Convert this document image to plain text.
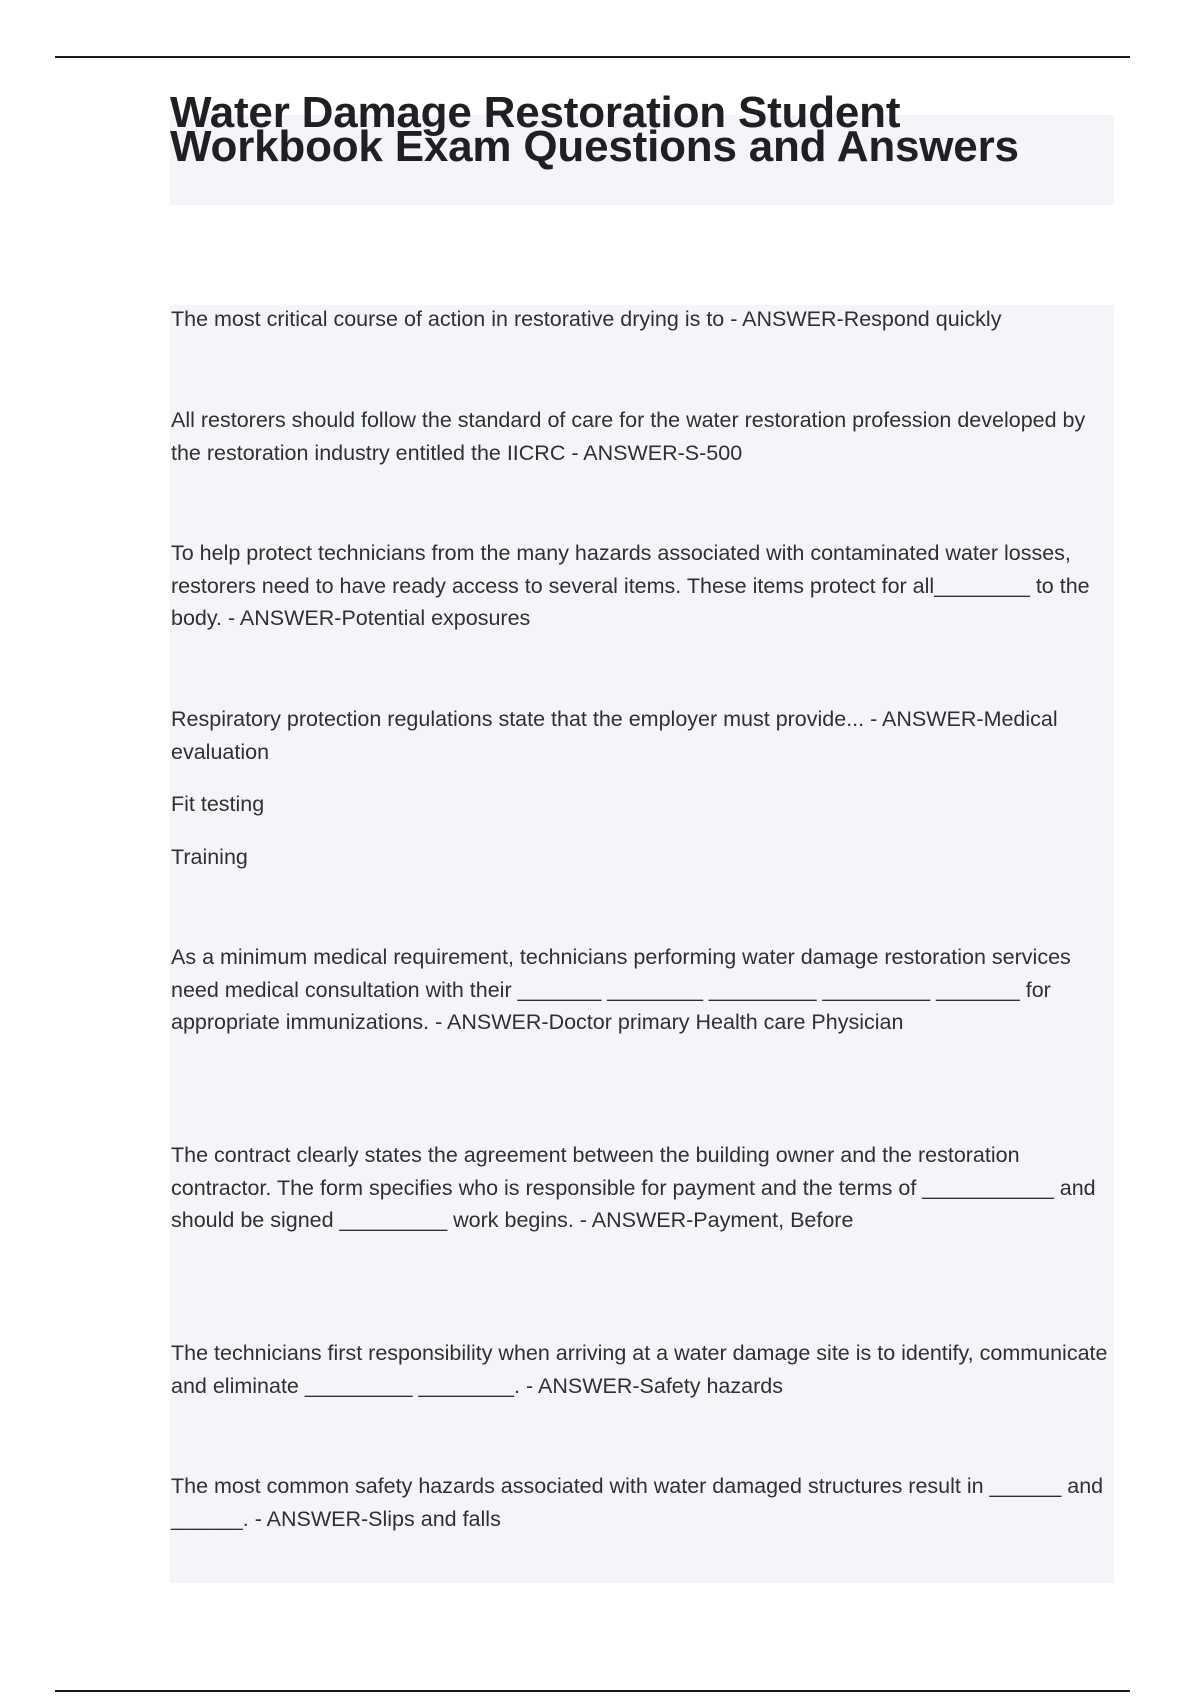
Water Damage Restoration Student Workbook Exam Questions and Answers

The most critical course of action in restorative drying is to - ANSWER-Respond quickly

All restorers should follow the standard of care for the water restoration profession developed by the restoration industry entitled the IICRC - ANSWER-S-500

To help protect technicians from the many hazards associated with contaminated water losses, restorers need to have ready access to several items. These items protect for all________ to the body. - ANSWER-Potential exposures

Respiratory protection regulations state that the employer must provide... - ANSWER-Medical evaluation

Fit testing

Training

As a minimum medical requirement, technicians performing water damage restoration services need medical consultation with their _______ ________ _________ _________ _______ for appropriate immunizations. - ANSWER-Doctor primary Health care Physician

The contract clearly states the agreement between the building owner and the restoration contractor. The form specifies who is responsible for payment and the terms of ___________ and should be signed _________ work begins. - ANSWER-Payment, Before

The technicians first responsibility when arriving at a water damage site is to identify, communicate and eliminate _________ ________. - ANSWER-Safety hazards

The most common safety hazards associated with water damaged structures result in ______ and ______. - ANSWER-Slips and falls
